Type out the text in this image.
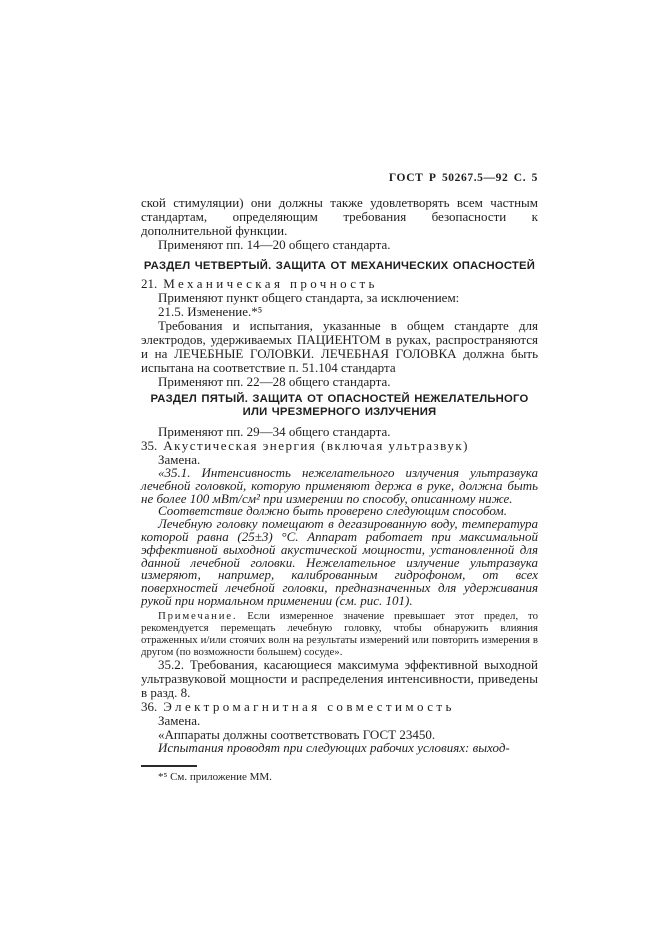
ГОСТ Р 50267.5—92 С. 5

ской стимуляции) они должны также удовлетворять всем частным стандартам, определяющим требования безопасности к дополнительной функции.

Применяют пп. 14—20 общего стандарта.

РАЗДЕЛ ЧЕТВЕРТЫЙ. ЗАЩИТА ОТ МЕХАНИЧЕСКИХ ОПАСНОСТЕЙ

21. Механическая прочность

Применяют пункт общего стандарта, за исключением:

21.5. Изменение.*⁵

Требования и испытания, указанные в общем стандарте для электродов, удерживаемых ПАЦИЕНТОМ в руках, распространяются и на ЛЕЧЕБНЫЕ ГОЛОВКИ. ЛЕЧЕБНАЯ ГОЛОВКА должна быть испытана на соответствие п. 51.104 стандарта

Применяют пп. 22—28 общего стандарта.

РАЗДЕЛ ПЯТЫЙ. ЗАЩИТА ОТ ОПАСНОСТЕЙ НЕЖЕЛАТЕЛЬНОГО ИЛИ ЧРЕЗМЕРНОГО ИЗЛУЧЕНИЯ

Применяют пп. 29—34 общего стандарта.

35. Акустическая энергия (включая ультразвук)

Замена.

«35.1. Интенсивность нежелательного излучения ультразвука лечебной головкой, которую применяют держа в руке, должна быть не более 100 мВт/см² при измерении по способу, описанному ниже.

Соответствие должно быть проверено следующим способом.

Лечебную головку помещают в дегазированную воду, температура которой равна (25±3) °С. Аппарат работает при максимальной эффективной выходной акустической мощности, установленной для данной лечебной головки. Нежелательное излучение ультразвука измеряют, например, калиброванным гидрофоном, от всех поверхностей лечебной головки, предназначенных для удерживания рукой при нормальном применении (см. рис. 101).

Примечание. Если измеренное значение превышает этот предел, то рекомендуется перемещать лечебную головку, чтобы обнаружить влияния отраженных и/или стоячих волн на результаты измерений или повторить измерения в другом (по возможности большем) сосуде».

35.2. Требования, касающиеся максимума эффективной выходной ультразвуковой мощности и распределения интенсивности, приведены в разд. 8.

36. Электромагнитная совместимость

Замена.

«Аппараты должны соответствовать ГОСТ 23450.

Испытания проводят при следующих рабочих условиях: выход-

*⁵ См. приложение ММ.
